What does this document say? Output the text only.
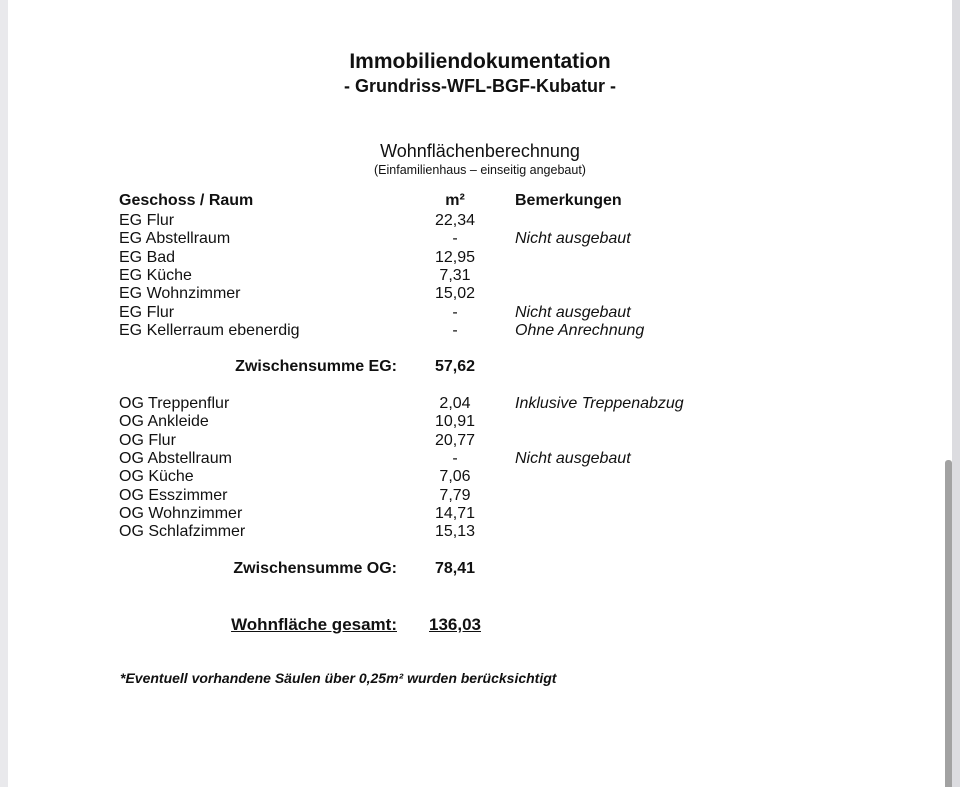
Immobiliendokumentation
- Grundriss-WFL-BGF-Kubatur -
Wohnflächenberechnung
(Einfamilienhaus – einseitig angebaut)
Geschoss / Raum	m²	Bemerkungen
EG Flur	22,34
EG Abstellraum	-	Nicht ausgebaut
EG Bad	12,95
EG Küche	7,31
EG Wohnzimmer	15,02
EG Flur	-	Nicht ausgebaut
EG Kellerraum ebenerdig	-	Ohne Anrechnung
Zwischensumme EG:	57,62
OG Treppenflur	2,04	Inklusive Treppenabzug
OG Ankleide	10,91
OG Flur	20,77
OG Abstellraum	-	Nicht ausgebaut
OG Küche	7,06
OG Esszimmer	7,79
OG Wohnzimmer	14,71
OG Schlafzimmer	15,13
Zwischensumme OG:	78,41
Wohnfläche gesamt:	136,03
*Eventuell vorhandene Säulen über 0,25m² wurden berücksichtigt
